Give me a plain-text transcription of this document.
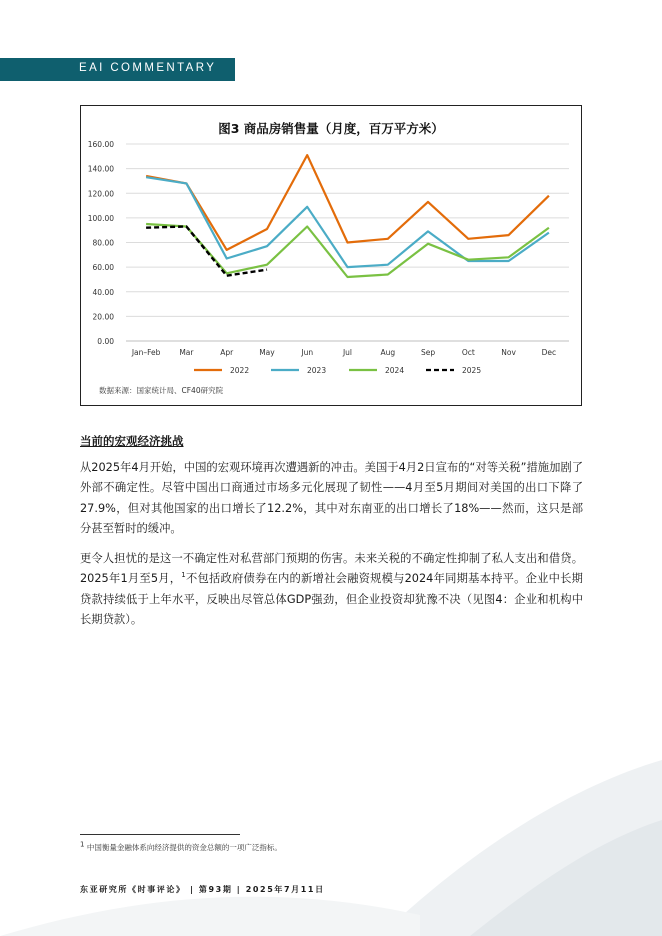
EAI COMMENTARY
图3 商品房销售量（月度，百万平方米）
0.00
20.00
40.00
60.00
80.00
100.00
120.00
140.00
160.00
Jan–Feb	Mar	Apr	May	Jun	Jul	Aug	Sep	Oct	Nov	Dec
2022	2023	2024	2025
数据来源：国家统计局、CF40研究院
当前的宏观经济挑战
从2025年4月开始，中国的宏观环境再次遭遇新的冲击。美国于4月2日宣布的“对等关税”措施加剧了外部不确定性。尽管中国出口商通过市场多元化展现了韧性——4月至5月期间对美国的出口下降了27.9%，但对其他国家的出口增长了12.2%，其中对东南亚的出口增长了18%——然而，这只是部分甚至暂时的缓冲。
更令人担忧的是这一不确定性对私营部门预期的伤害。未来关税的不确定性抑制了私人支出和借贷。2025年1月至5月，$^1$不包括政府债券在内的新增社会融资规模与2024年同期基本持平。企业中长期贷款持续低于上年水平，反映出尽管总体GDP强劲，但企业投资却犹豫不决（见图4：企业和机构中长期贷款）。
$^1$ 中国衡量金融体系向经济提供的资金总额的一项广泛指标。
东亚研究所《时事评论》 | 第93期 | 2025年7月11日
